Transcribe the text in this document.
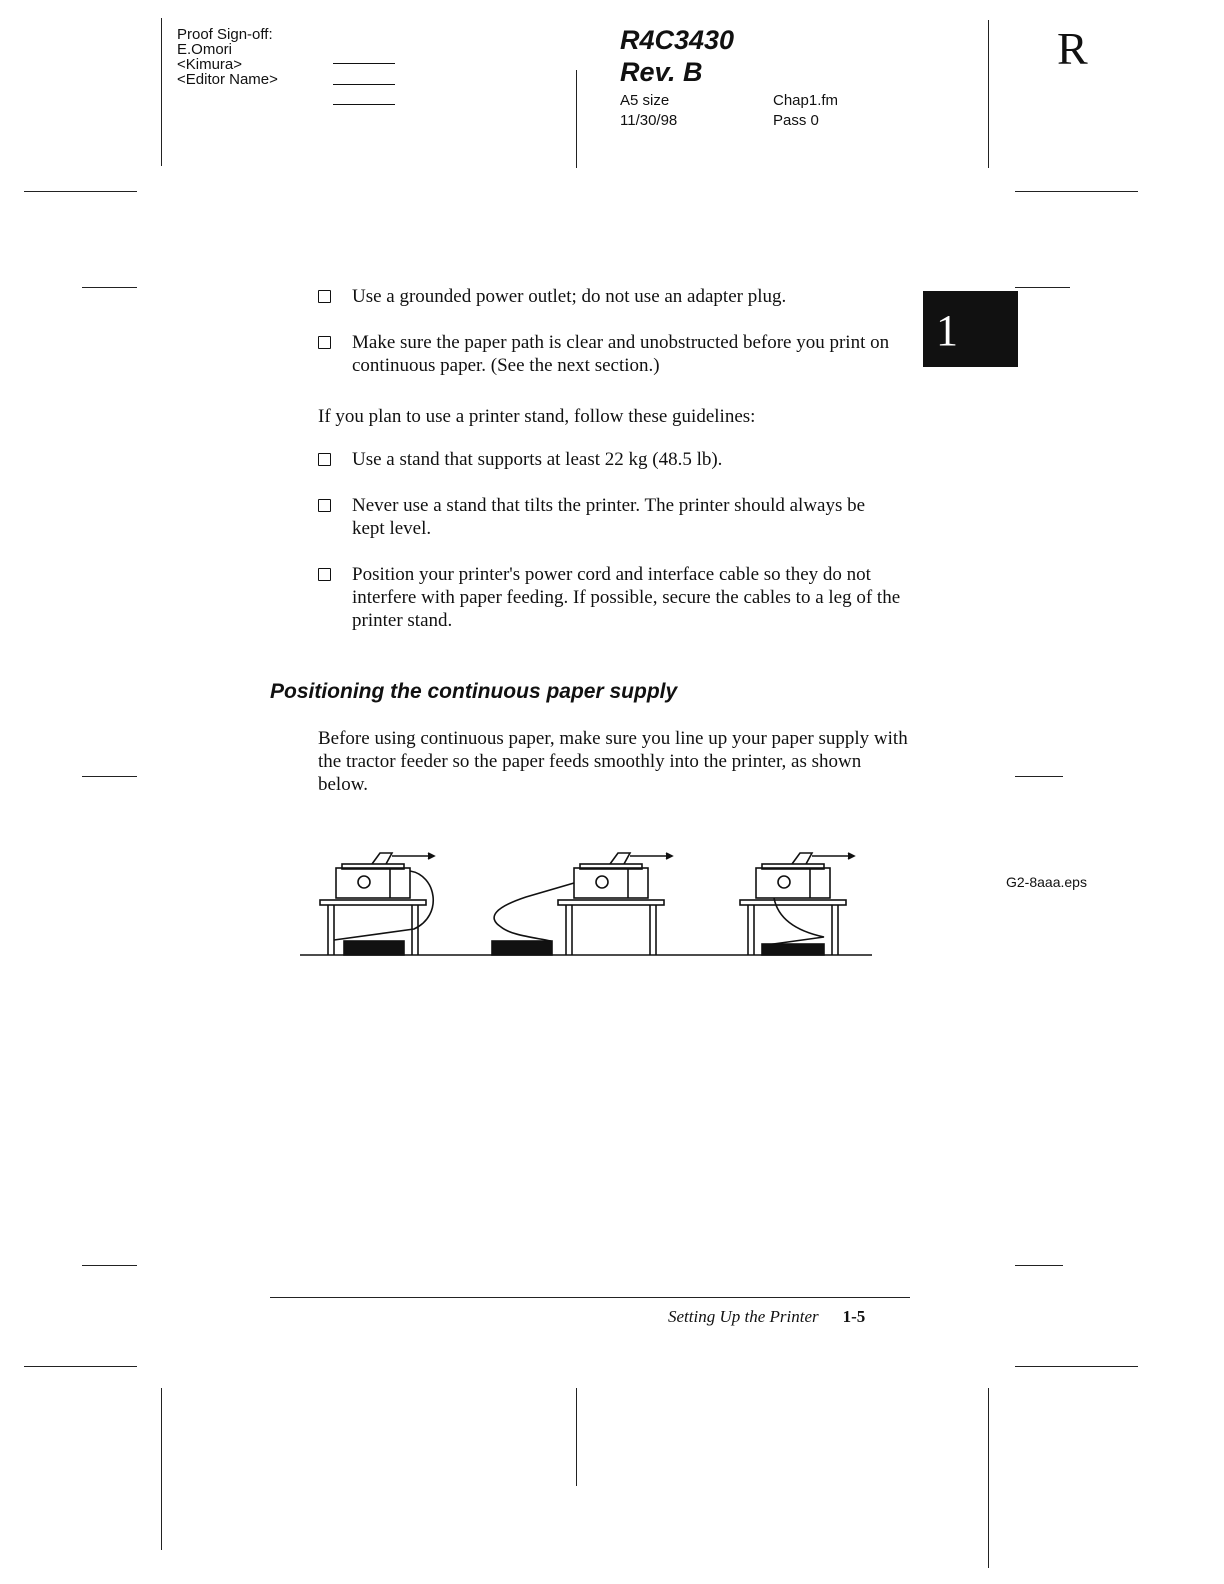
Proof Sign-off:
E.Omori
<Kimura>
<Editor Name>
R4C3430
Rev. B
A5 size
11/30/98
Chap1.fm
Pass 0
R
1
Use a grounded power outlet; do not use an adapter plug.
Make sure the paper path is clear and unobstructed before you print on continuous paper. (See the next section.)
If you plan to use a printer stand, follow these guidelines:
Use a stand that supports at least 22 kg (48.5 lb).
Never use a stand that tilts the printer. The printer should always be kept level.
Position your printer's power cord and interface cable so they do not interfere with paper feeding. If possible, secure the cables to a leg of the printer stand.
Positioning the continuous paper supply
Before using continuous paper, make sure you line up your paper supply with the tractor feeder so the paper feeds smoothly into the printer, as shown below.
G2-8aaa.eps
Setting Up the Printer 1-5
